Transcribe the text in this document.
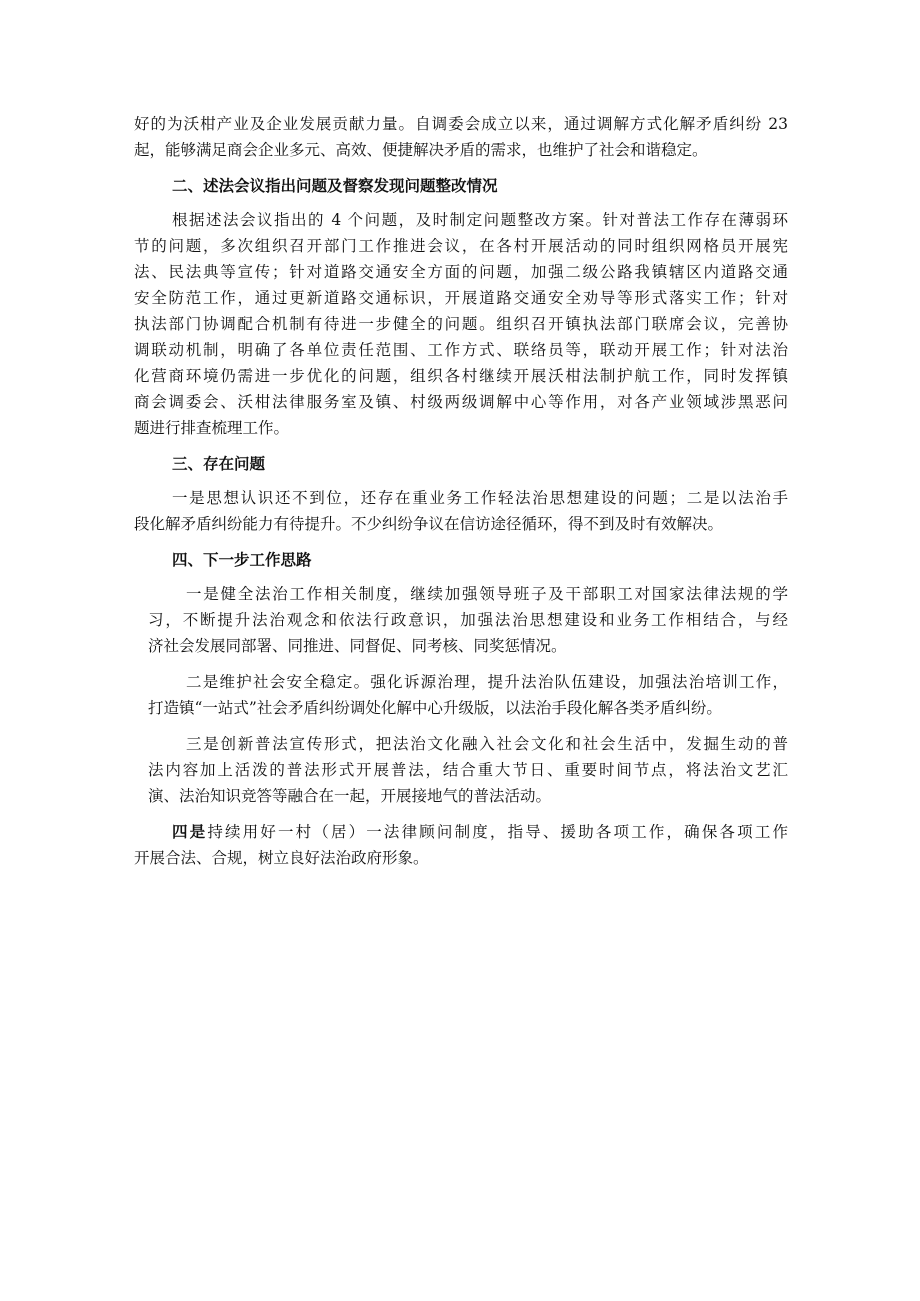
好的为沃柑产业及企业发展贡献力量。自调委会成立以来，通过调解方式化解矛盾纠纷 23
起，能够满足商会企业多元、高效、便捷解决矛盾的需求，也维护了社会和谐稳定。
二、述法会议指出问题及督察发现问题整改情况
根据述法会议指出的 4 个问题，及时制定问题整改方案。针对普法工作存在薄弱环
节的问题，多次组织召开部门工作推进会议，在各村开展活动的同时组织网格员开展宪
法、民法典等宣传；针对道路交通安全方面的问题，加强二级公路我镇辖区内道路交通
安全防范工作，通过更新道路交通标识，开展道路交通安全劝导等形式落实工作；针对
执法部门协调配合机制有待进一步健全的问题。组织召开镇执法部门联席会议，完善协
调联动机制，明确了各单位责任范围、工作方式、联络员等，联动开展工作；针对法治
化营商环境仍需进一步优化的问题，组织各村继续开展沃柑法制护航工作，同时发挥镇
商会调委会、沃柑法律服务室及镇、村级两级调解中心等作用，对各产业领域涉黑恶问
题进行排查梳理工作。
三、存在问题
一是思想认识还不到位，还存在重业务工作轻法治思想建设的问题；二是以法治手
段化解矛盾纠纷能力有待提升。不少纠纷争议在信访途径循环，得不到及时有效解决。
四、下一步工作思路
一是健全法治工作相关制度，继续加强领导班子及干部职工对国家法律法规的学
习，不断提升法治观念和依法行政意识，加强法治思想建设和业务工作相结合，与经
济社会发展同部署、同推进、同督促、同考核、同奖惩情况。
二是维护社会安全稳定。强化诉源治理，提升法治队伍建设，加强法治培训工作，
打造镇“一站式”社会矛盾纠纷调处化解中心升级版，以法治手段化解各类矛盾纠纷。
三是创新普法宣传形式，把法治文化融入社会文化和社会生活中，发掘生动的普
法内容加上活泼的普法形式开展普法，结合重大节日、重要时间节点，将法治文艺汇
演、法治知识竞答等融合在一起，开展接地气的普法活动。
四是持续用好一村（居）一法律顾问制度，指导、援助各项工作，确保各项工作
开展合法、合规，树立良好法治政府形象。
